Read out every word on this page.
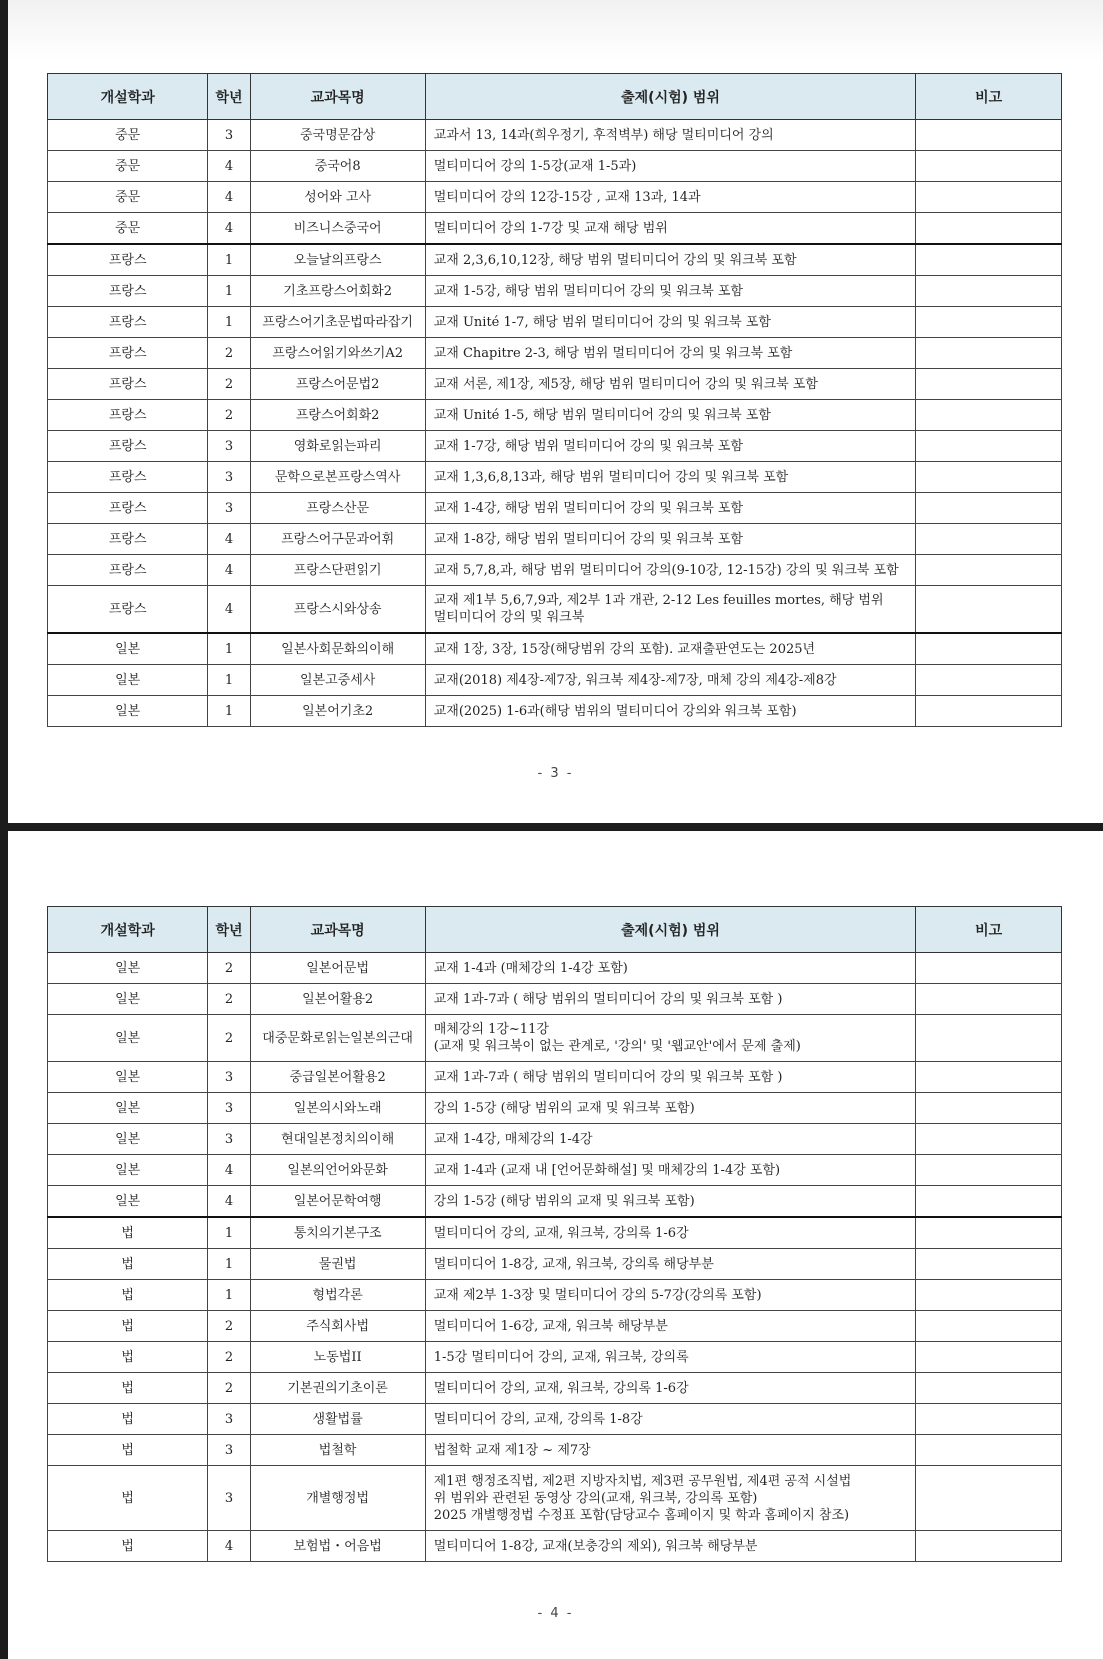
개설학과	학년	교과목명	출제(시험) 범위	비고
중문	3	중국명문감상	교과서 13, 14과(희우정기, 후적벽부) 해당 멀티미디어 강의	

중문	4	중국어8	멀티미디어 강의 1-5강(교재 1-5과)	

중문	4	성어와 고사	멀티미디어 강의 12강-15강 , 교재 13과, 14과	

중문	4	비즈니스중국어	멀티미디어 강의 1-7강 및 교재 해당 범위	

프랑스	1	오늘날의프랑스	교재 2,3,6,10,12장, 해당 범위 멀티미디어 강의 및 워크북 포함	

프랑스	1	기초프랑스어회화2	교재 1-5강, 해당 범위 멀티미디어 강의 및 워크북 포함	

프랑스	1	프랑스어기초문법따라잡기	교재 Unité 1-7, 해당 범위 멀티미디어 강의 및 워크북 포함	

프랑스	2	프랑스어읽기와쓰기A2	교재 Chapitre 2-3, 해당 범위 멀티미디어 강의 및 워크북 포함	

프랑스	2	프랑스어문법2	교재 서론, 제1장, 제5장, 해당 범위 멀티미디어 강의 및 워크북 포함	

프랑스	2	프랑스어회화2	교재 Unité 1-5, 해당 범위 멀티미디어 강의 및 워크북 포함	

프랑스	3	영화로읽는파리	교재 1-7강, 해당 범위 멀티미디어 강의 및 워크북 포함	

프랑스	3	문학으로본프랑스역사	교재 1,3,6,8,13과, 해당 범위 멀티미디어 강의 및 워크북 포함	

프랑스	3	프랑스산문	교재 1-4강, 해당 범위 멀티미디어 강의 및 워크북 포함	

프랑스	4	프랑스어구문과어휘	교재 1-8강, 해당 범위 멀티미디어 강의 및 워크북 포함	

프랑스	4	프랑스단편읽기	교재 5,7,8,과, 해당 범위 멀티미디어 강의(9-10강, 12-15강) 강의 및 워크북 포함	

프랑스	4	프랑스시와상송	교재 제1부 5,6,7,9과, 제2부 1과 개관, 2-12 Les feuilles mortes, 해당 범위
멀티미디어 강의 및 워크북	

일본	1	일본사회문화의이해	교재 1장, 3장, 15장(해당범위 강의 포함). 교재출판연도는 2025년	

일본	1	일본고중세사	교재(2018) 제4장-제7장, 워크북 제4장-제7장, 매체 강의 제4강-제8강	

일본	1	일본어기초2	교재(2025) 1-6과(해당 범위의 멀티미디어 강의와 워크북 포함)	

- 3 -
개설학과	학년	교과목명	출제(시험) 범위	비고
일본	2	일본어문법	교재 1-4과 (매체강의 1-4강 포함)	

일본	2	일본어활용2	교재 1과-7과 ( 해당 범위의 멀티미디어 강의 및 워크북 포함 )	

일본	2	대중문화로읽는일본의근대	매체강의 1강~11강
(교재 및 워크북이 없는 관계로, '강의' 및 '웹교안'에서 문제 출제)	

일본	3	중급일본어활용2	교재 1과-7과 ( 해당 범위의 멀티미디어 강의 및 워크북 포함 )	

일본	3	일본의시와노래	강의 1-5강 (해당 범위의 교재 및 워크북 포함)	

일본	3	현대일본정치의이해	교재 1-4강, 매체강의 1-4강	

일본	4	일본의언어와문화	교재 1-4과 (교재 내 [언어문화해설] 및 매체강의 1-4강 포함)	

일본	4	일본어문학여행	강의 1-5강 (해당 범위의 교재 및 워크북 포함)	

법	1	통치의기본구조	멀티미디어 강의, 교재, 워크북, 강의록 1-6강	

법	1	물권법	멀티미디어 1-8강, 교재, 워크북, 강의록 해당부분	

법	1	형법각론	교재 제2부 1-3장 및 멀티미디어 강의 5-7강(강의록 포함)	

법	2	주식회사법	멀티미디어 1-6강, 교재, 워크북 해당부분	

법	2	노동법II	1-5강 멀티미디어 강의, 교재, 워크북, 강의록	

법	2	기본권의기초이론	멀티미디어 강의, 교재, 워크북, 강의록 1-6강	

법	3	생활법률	멀티미디어 강의, 교재, 강의록 1-8강	

법	3	법철학	법철학 교재 제1장 ~ 제7장	

법	3	개별행정법	제1편 행정조직법, 제2편 지방자치법, 제3편 공무원법, 제4편 공적 시설법
위 범위와 관련된 동영상 강의(교재, 워크북, 강의록 포함)
2025 개별행정법 수정표 포함(담당교수 홈페이지 및 학과 홈페이지 참조)	

법	4	보험법・어음법	멀티미디어 1-8강, 교재(보충강의 제외), 워크북 해당부분	

- 4 -
